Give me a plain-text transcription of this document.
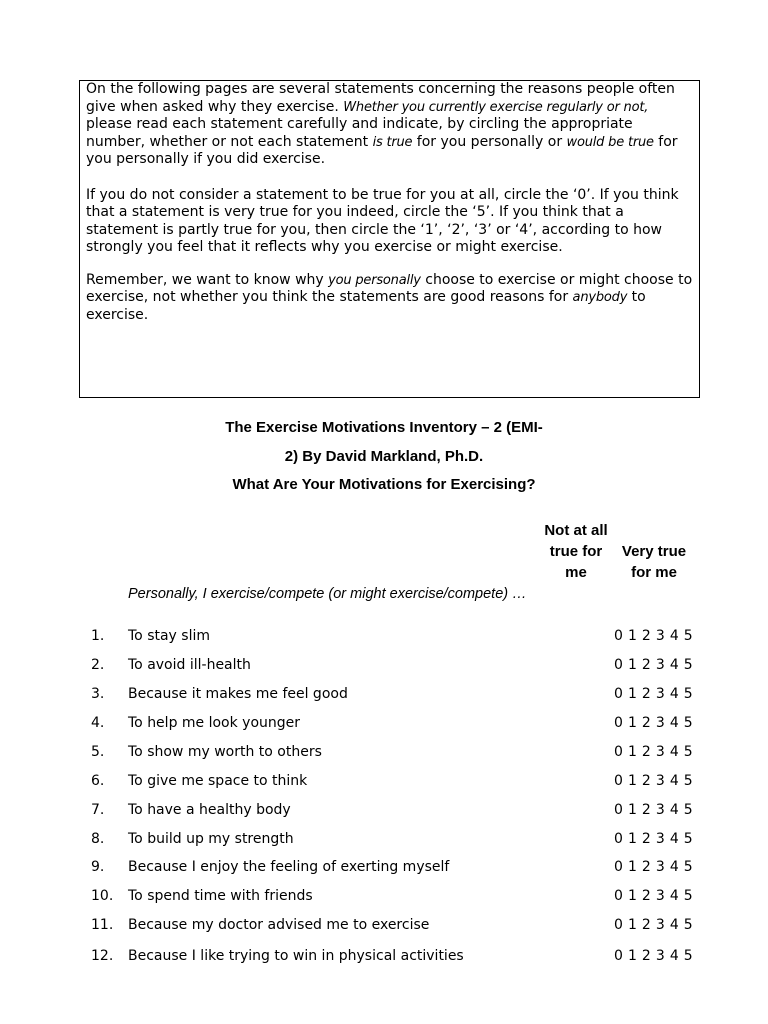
On the following pages are several statements concerning the reasons people often give when asked why they exercise. Whether you currently exercise regularly or not, please read each statement carefully and indicate, by circling the appropriate number, whether or not each statement is true for you personally or would be true for you personally if you did exercise.

If you do not consider a statement to be true for you at all, circle the ‘0’. If you think that a statement is very true for you indeed, circle the ‘5’. If you think that a statement is partly true for you, then circle the ‘1’, ‘2’, ‘3’ or ‘4’, according to how strongly you feel that it reflects why you exercise or might exercise.

Remember, we want to know why you personally choose to exercise or might choose to exercise, not whether you think the statements are good reasons for anybody to exercise.

The Exercise Motivations Inventory – 2 (EMI-
2) By David Markland, Ph.D.
What Are Your Motivations for Exercising?
Not at all true for me
Very true for me
Personally, I exercise/compete (or might exercise/compete) …
1.	To stay slim	0 1 2 3 4 5
2.	To avoid ill-health	0 1 2 3 4 5
3.	Because it makes me feel good	0 1 2 3 4 5
4.	To help me look younger	0 1 2 3 4 5
5.	To show my worth to others	0 1 2 3 4 5
6.	To give me space to think	0 1 2 3 4 5
7.	To have a healthy body	0 1 2 3 4 5
8.	To build up my strength	0 1 2 3 4 5
9.	Because I enjoy the feeling of exerting myself	0 1 2 3 4 5
10. To spend time with friends	0 1 2 3 4 5
11. Because my doctor advised me to exercise	0 1 2 3 4 5
12. Because I like trying to win in physical activities	0 1 2 3 4 5
